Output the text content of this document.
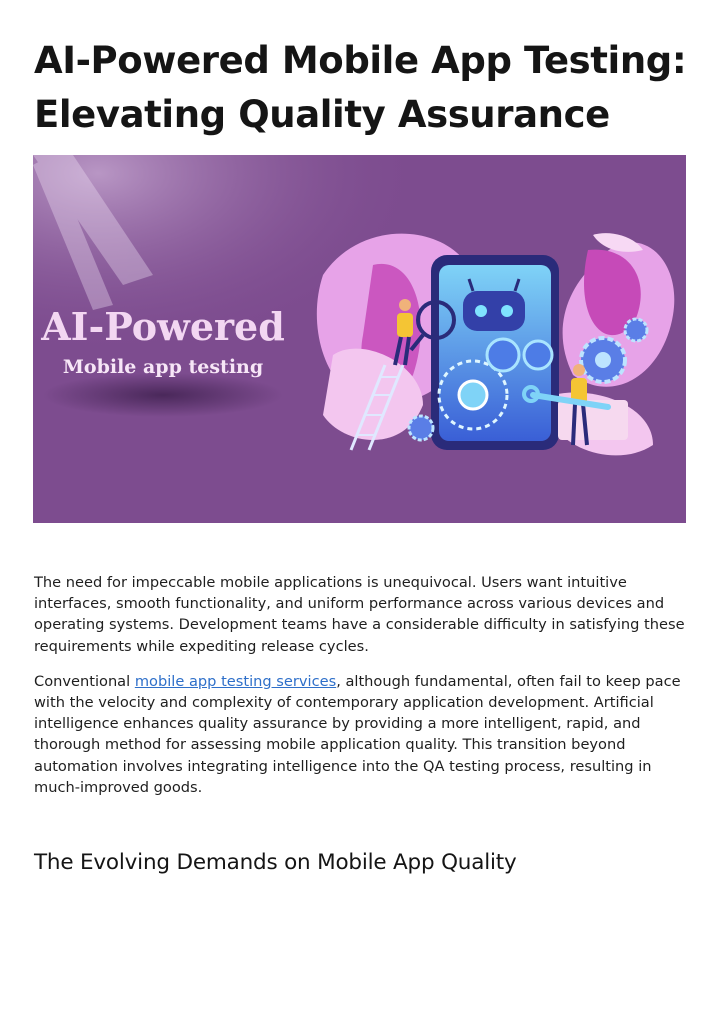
AI-Powered Mobile App Testing:
Elevating Quality Assurance
AI-Powered
Mobile app testing

The need for impeccable mobile applications is unequivocal. Users want intuitive interfaces, smooth functionality, and uniform performance across various devices and operating systems. Development teams have a considerable difficulty in satisfying these requirements while expediting release cycles.

Conventional mobile app testing services, although fundamental, often fail to keep pace with the velocity and complexity of contemporary application development. Artificial intelligence enhances quality assurance by providing a more intelligent, rapid, and thorough method for assessing mobile application quality. This transition beyond automation involves integrating intelligence into the QA testing process, resulting in much-improved goods.

The Evolving Demands on Mobile App Quality
